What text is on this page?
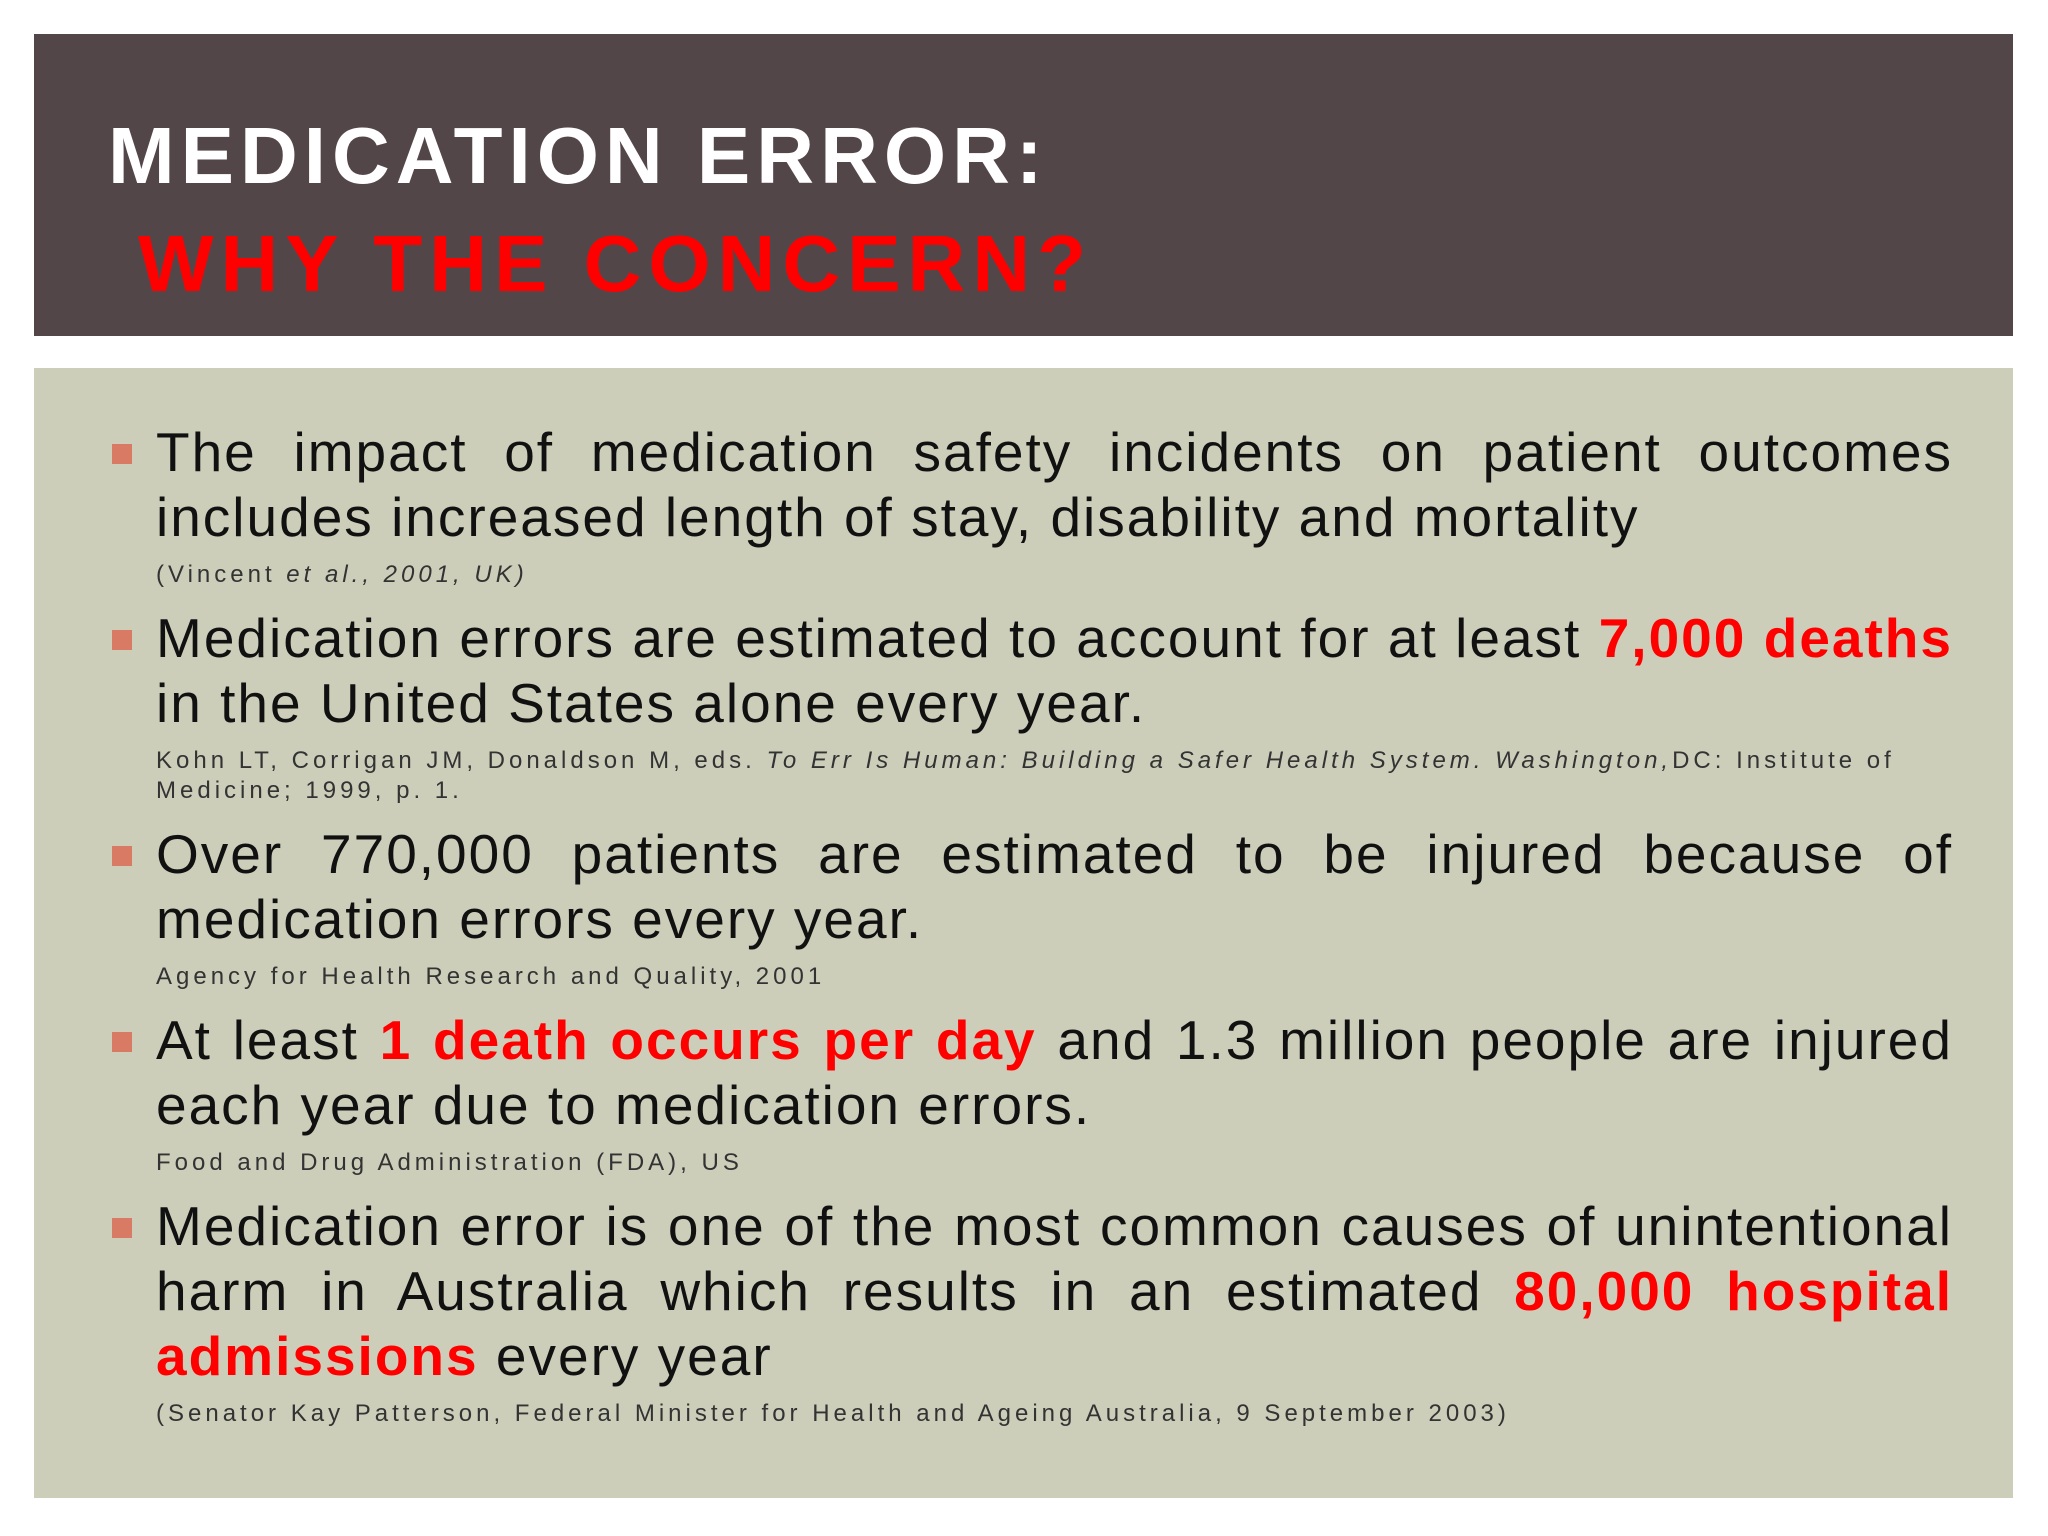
MEDICATION ERROR:
WHY THE CONCERN?
The impact of medication safety incidents on patient outcomes includes increased length of stay, disability and mortality
(Vincent et al., 2001, UK)
Medication errors are estimated to account for at least 7,000 deaths in the United States alone every year.
Kohn LT, Corrigan JM, Donaldson M, eds. To Err Is Human: Building a Safer Health System. Washington,DC: Institute of Medicine; 1999, p. 1.
Over 770,000 patients are estimated to be injured because of medication errors every year.
Agency for Health Research and Quality, 2001
At least 1 death occurs per day and 1.3 million people are injured each year due to medication errors.
Food and Drug Administration (FDA), US
Medication error is one of the most common causes of unintentional harm in Australia which results in an estimated 80,000 hospital admissions every year
(Senator Kay Patterson, Federal Minister for Health and Ageing Australia, 9 September 2003)
